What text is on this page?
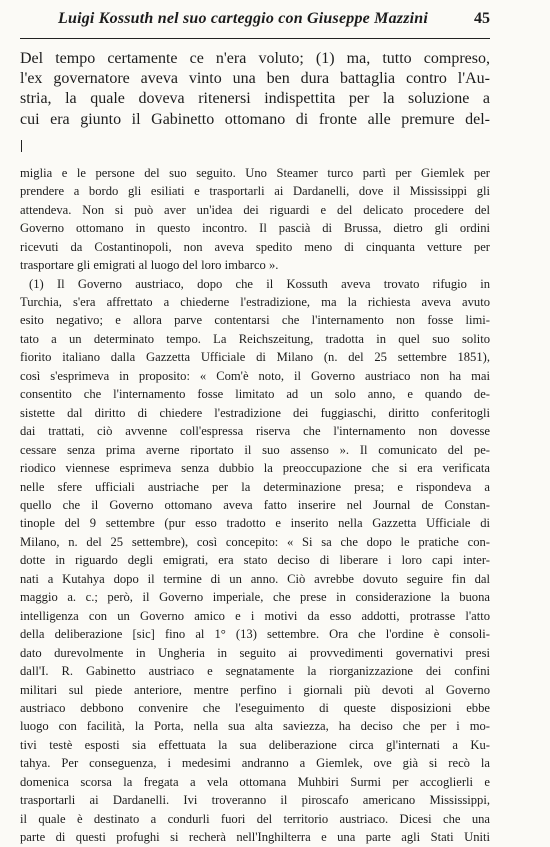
Luigi Kossuth nel suo carteggio con Giuseppe Mazzini	45
Del tempo certamente ce n'era voluto; (1) ma, tutto compreso,
l'ex governatore aveva vinto una ben dura battaglia contro l'Au-
stria, la quale doveva ritenersi indispettita per la soluzione a
cui era giunto il Gabinetto ottomano di fronte alle premure del-
miglia e le persone del suo seguito. Uno Steamer turco partì per Giemlek per
prendere a bordo gli esiliati e trasportarli ai Dardanelli, dove il Mississippi gli
attendeva. Non si può aver un'idea dei riguardi e del delicato procedere del
Governo ottomano in questo incontro. Il pascià di Brussa, dietro gli ordini
ricevuti da Costantinopoli, non aveva spedito meno di cinquanta vetture per
trasportare gli emigrati al luogo del loro imbarco ».
(1) Il Governo austriaco, dopo che il Kossuth aveva trovato rifugio in
Turchia, s'era affrettato a chiederne l'estradizione, ma la richiesta aveva avuto
esito negativo; e allora parve contentarsi che l'internamento non fosse limi-
tato a un determinato tempo. La Reichszeitung, tradotta in quel suo solito
fiorito italiano dalla Gazzetta Ufficiale di Milano (n. del 25 settembre 1851),
così s'esprimeva in proposito: « Com'è noto, il Governo austriaco non ha mai
consentito che l'internamento fosse limitato ad un solo anno, e quando de-
sistette dal diritto di chiedere l'estradizione dei fuggiaschi, diritto conferitogli
dai trattati, ciò avvenne coll'espressa riserva che l'internamento non dovesse
cessare senza prima averne riportato il suo assenso ». Il comunicato del pe-
riodico viennese esprimeva senza dubbio la preoccupazione che si era verificata
nelle sfere ufficiali austriache per la determinazione presa; e rispondeva a
quello che il Governo ottomano aveva fatto inserire nel Journal de Constan-
tinople del 9 settembre (pur esso tradotto e inserito nella Gazzetta Ufficiale di
Milano, n. del 25 settembre), così concepito: « Si sa che dopo le pratiche con-
dotte in riguardo degli emigrati, era stato deciso di liberare i loro capi inter-
nati a Kutahya dopo il termine di un anno. Ciò avrebbe dovuto seguire fin dal
maggio a. c.; però, il Governo imperiale, che prese in considerazione la buona
intelligenza con un Governo amico e i motivi da esso addotti, protrasse l'atto
della deliberazione [sic] fino al 1° (13) settembre. Ora che l'ordine è consoli-
dato durevolmente in Ungheria in seguito ai provvedimenti governativi presi
dall'I. R. Gabinetto austriaco e segnatamente la riorganizzazione dei confini
militari sul piede anteriore, mentre perfino i giornali più devoti al Governo
austriaco debbono convenire che l'eseguimento di queste disposizioni ebbe
luogo con facilità, la Porta, nella sua alta saviezza, ha deciso che per i mo-
tivi testè esposti sia effettuata la sua deliberazione circa gl'internati a Ku-
tahya. Per conseguenza, i medesimi andranno a Giemlek, ove già si recò la
domenica scorsa la fregata a vela ottomana Muhbiri Surmi per accoglierli e
trasportarli ai Dardanelli. Ivi troveranno il piroscafo americano Mississippi,
il quale è destinato a condurli fuori del territorio austriaco. Dicesi che una
parte di questi profughi si recherà nell'Inghilterra e una parte agli Stati Uniti
